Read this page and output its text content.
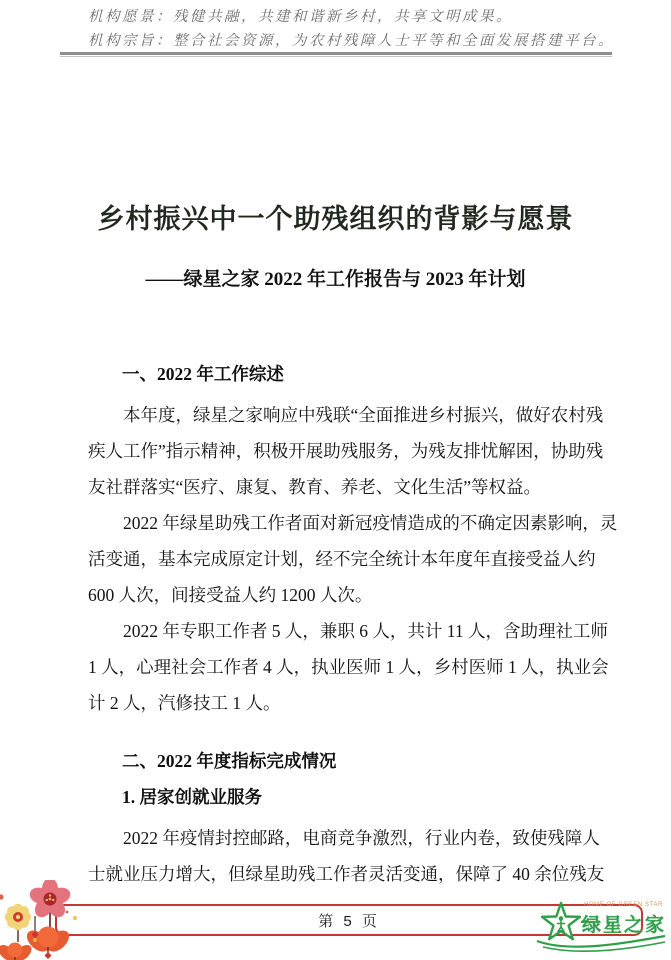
机构愿景：残健共融，共建和谐新乡村，共享文明成果。
机构宗旨：整合社会资源，为农村残障人士平等和全面发展搭建平台。
乡村振兴中一个助残组织的背影与愿景
——绿星之家 2022 年工作报告与 2023 年计划
一、2022 年工作综述
本年度，绿星之家响应中残联“全面推进乡村振兴，做好农村残
疾人工作”指示精神，积极开展助残服务，为残友排忧解困，协助残
友社群落实“医疗、康复、教育、养老、文化生活”等权益。
2022 年绿星助残工作者面对新冠疫情造成的不确定因素影响，灵
活变通，基本完成原定计划，经不完全统计本年度年直接受益人约
600 人次，间接受益人约 1200 人次。
2022 年专职工作者 5 人，兼职 6 人，共计 11 人，含助理社工师
1 人，心理社会工作者 4 人，执业医师 1 人，乡村医师 1 人，执业会
计 2 人，汽修技工 1 人。
二、2022 年度指标完成情况
1. 居家创就业服务
2022 年疫情封控邮路，电商竞争激烈，行业内卷，致使残障人
士就业压力增大，但绿星助残工作者灵活变通，保障了 40 余位残友
第 5 页
HOME OF GREEN STAR
绿星之家
